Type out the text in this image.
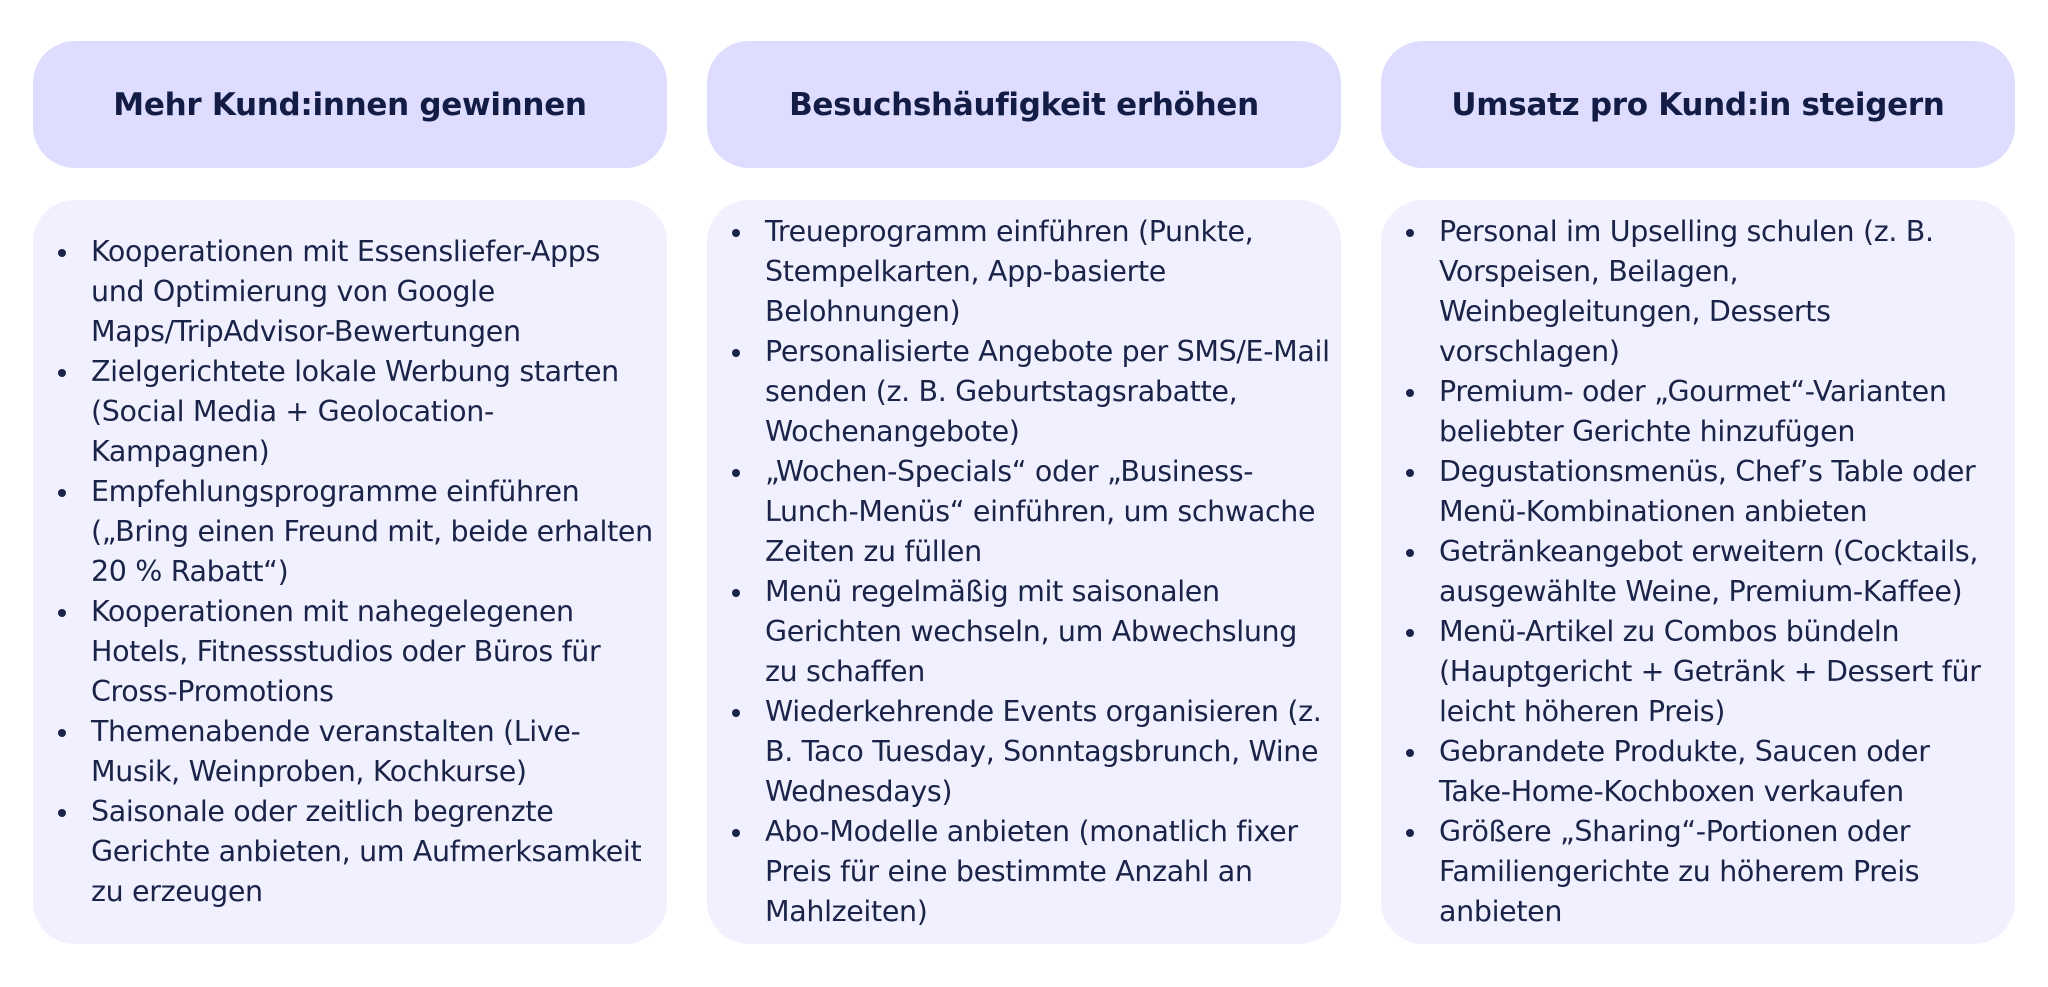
Mehr Kund:innen gewinnen
Kooperationen mit Essensliefer-Apps und Optimierung von Google Maps/TripAdvisor-Bewertungen
Zielgerichtete lokale Werbung starten (Social Media + Geolocation-Kampagnen)
Empfehlungsprogramme einführen („Bring einen Freund mit, beide erhalten 20 % Rabatt“)
Kooperationen mit nahegelegenen Hotels, Fitnessstudios oder Büros für Cross-Promotions
Themenabende veranstalten (Live-Musik, Weinproben, Kochkurse)
Saisonale oder zeitlich begrenzte Gerichte anbieten, um Aufmerksamkeit zu erzeugen
Besuchshäufigkeit erhöhen
Treueprogramm einführen (Punkte, Stempelkarten, App-basierte Belohnungen)
Personalisierte Angebote per SMS/E-Mail senden (z. B. Geburtstagsrabatte, Wochenangebote)
„Wochen-Specials“ oder „Business-Lunch-Menüs“ einführen, um schwache Zeiten zu füllen
Menü regelmäßig mit saisonalen Gerichten wechseln, um Abwechslung zu schaffen
Wiederkehrende Events organisieren (z. B. Taco Tuesday, Sonntagsbrunch, Wine Wednesdays)
Abo-Modelle anbieten (monatlich fixer Preis für eine bestimmte Anzahl an Mahlzeiten)
Umsatz pro Kund:in steigern
Personal im Upselling schulen (z. B. Vorspeisen, Beilagen, Weinbegleitungen, Desserts vorschlagen)
Premium- oder „Gourmet“-Varianten beliebter Gerichte hinzufügen
Degustationsmenüs, Chef’s Table oder Menü-Kombinationen anbieten
Getränkeangebot erweitern (Cocktails, ausgewählte Weine, Premium-Kaffee)
Menü-Artikel zu Combos bündeln (Hauptgericht + Getränk + Dessert für leicht höheren Preis)
Gebrandete Produkte, Saucen oder Take-Home-Kochboxen verkaufen
Größere „Sharing“-Portionen oder Familiengerichte zu höherem Preis anbieten
